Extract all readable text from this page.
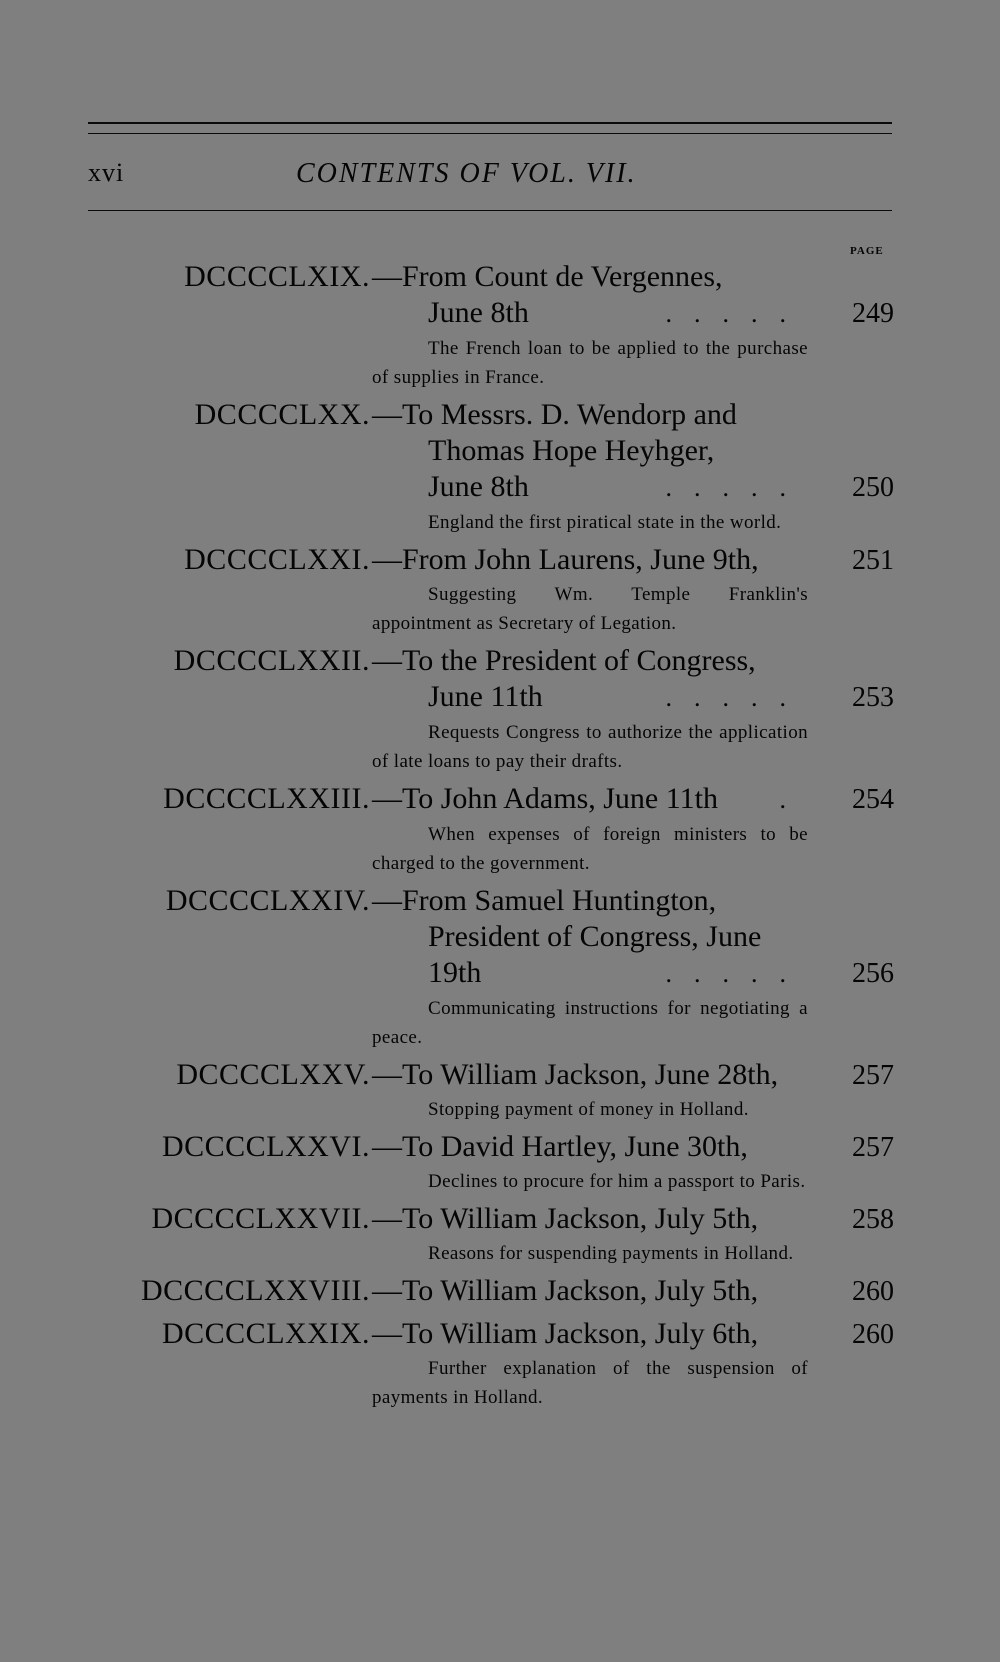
xvi	CONTENTS OF VOL. VII.
PAGE
DCCCCLXIX. —From Count de Vergennes,
June 8th	..... 249
The French loan to be applied to the purchase of supplies in France.
DCCCCLXX. —To Messrs. D. Wendorp and
Thomas Hope Heyhger,
June 8th	..... 250
England the first piratical state in the world.
DCCCCLXXI. —From John Laurens, June 9th,	251
Suggesting Wm. Temple Franklin's appointment as Secretary of Legation.
DCCCCLXXII. —To the President of Congress,
June 11th	..... 253
Requests Congress to authorize the application of late loans to pay their drafts.
DCCCCLXXIII. —To John Adams, June 11th	. 254
When expenses of foreign ministers to be charged to the government.
DCCCCLXXIV. —From Samuel Huntington,
President of Congress, June
19th	..... 256
Communicating instructions for negotiating a peace.
DCCCCLXXV. —To William Jackson, June 28th,	257
Stopping payment of money in Holland.
DCCCCLXXVI. —To David Hartley, June 30th,	257
Declines to procure for him a passport to Paris.
DCCCCLXXVII. —To William Jackson, July 5th,	258
Reasons for suspending payments in Holland.
DCCCCLXXVIII. —To William Jackson, July 5th,	260
DCCCCLXXIX. —To William Jackson, July 6th,	260
Further explanation of the suspension of payments in Holland.
